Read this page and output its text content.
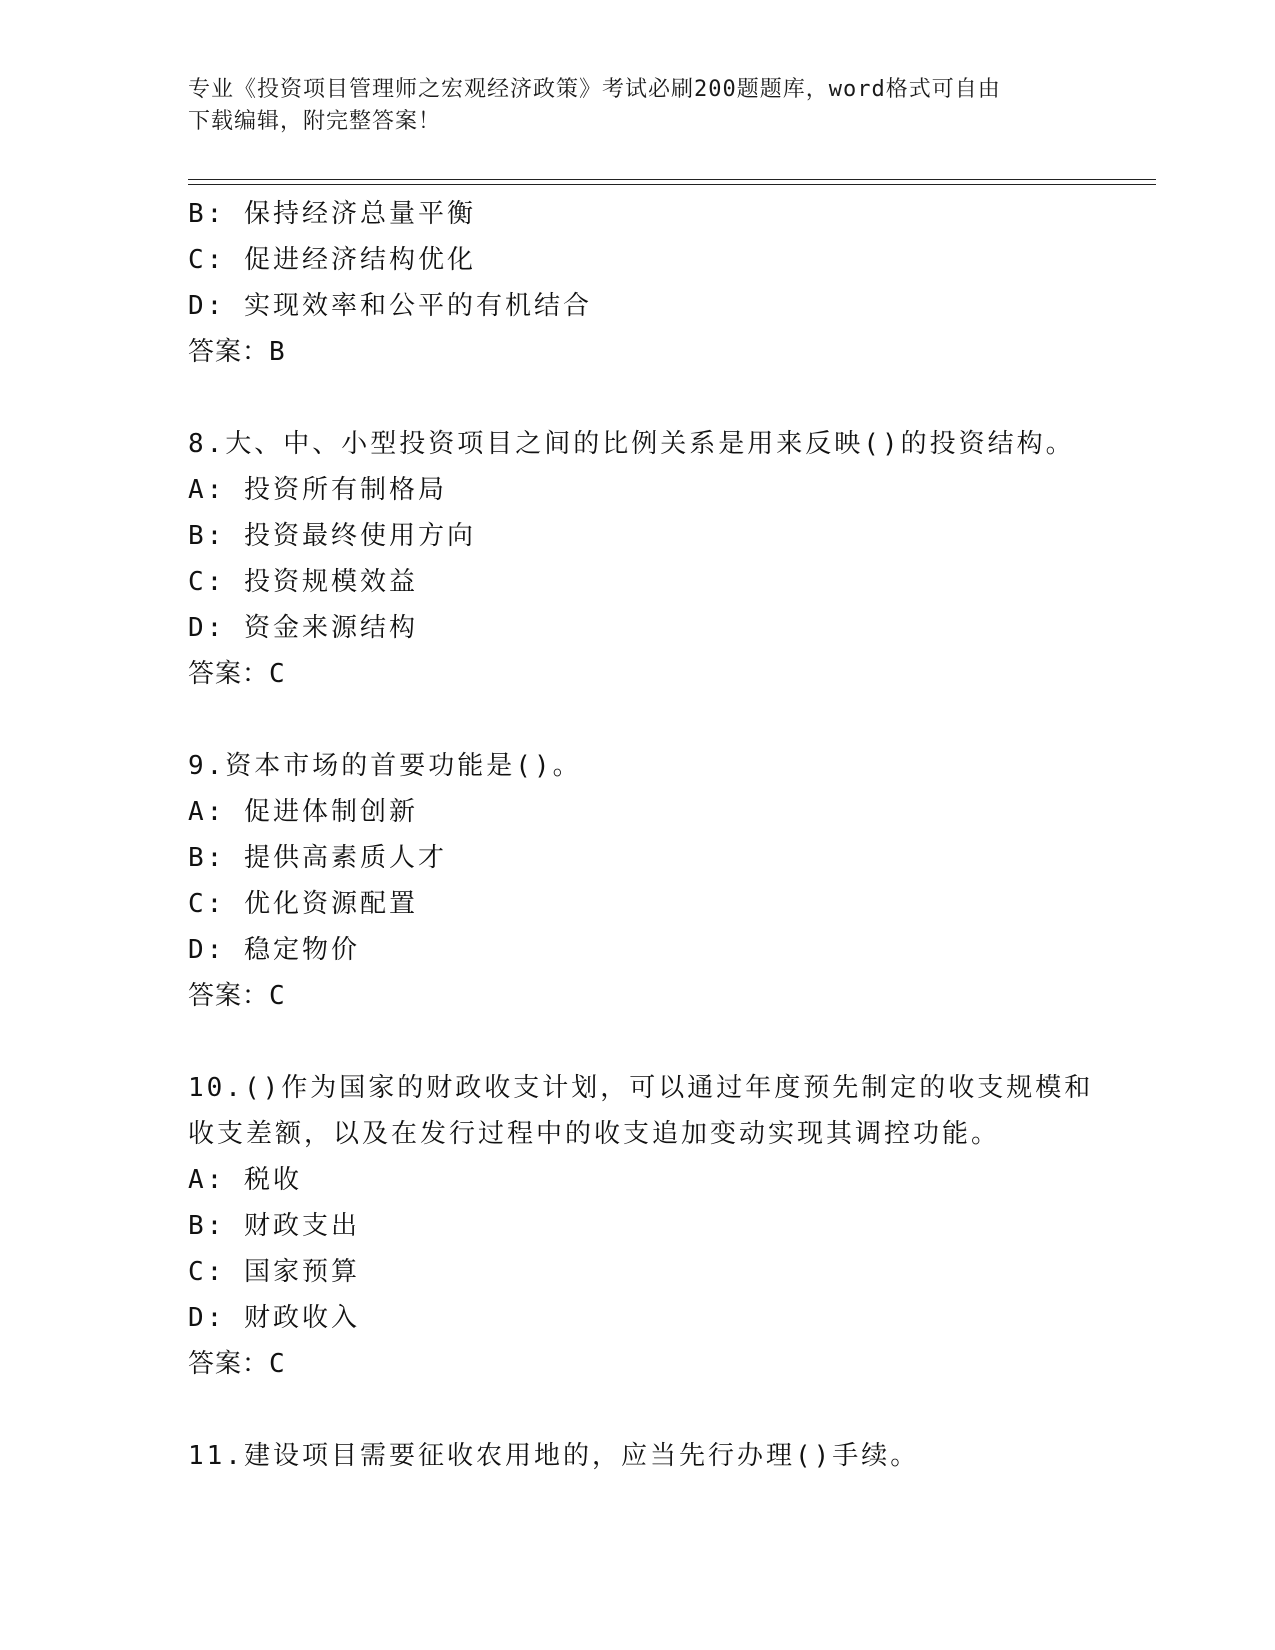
专业《投资项目管理师之宏观经济政策》考试必刷200题题库，word格式可自由
下载编辑，附完整答案！
B: 保持经济总量平衡
C: 促进经济结构优化
D: 实现效率和公平的有机结合
答案：B
8.大、中、小型投资项目之间的比例关系是用来反映()的投资结构。
A: 投资所有制格局
B: 投资最终使用方向
C: 投资规模效益
D: 资金来源结构
答案：C
9.资本市场的首要功能是()。
A: 促进体制创新
B: 提供高素质人才
C: 优化资源配置
D: 稳定物价
答案：C
10.()作为国家的财政收支计划，可以通过年度预先制定的收支规模和
收支差额，以及在发行过程中的收支追加变动实现其调控功能。
A: 税收
B: 财政支出
C: 国家预算
D: 财政收入
答案：C
11.建设项目需要征收农用地的，应当先行办理()手续。
